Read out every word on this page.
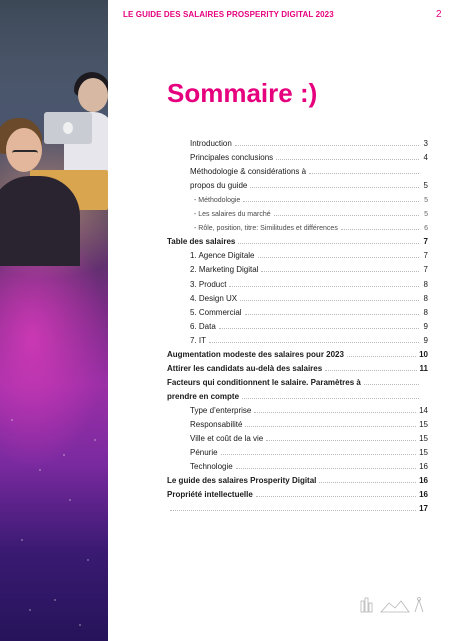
LE GUIDE DES SALAIRES PROSPERITY DIGITAL 2023	2
Sommaire :)
Introduction	3
Principales conclusions	4
Méthodologie & considérations à
propos du guide	5
- Méthodologie	5
- Les salaires du marché	5
- Rôle, position, titre: Similitudes et différences	6
Table des salaires	7
1. Agence Digitale	7
2. Marketing Digital	7
3. Product	8
4. Design UX	8
5. Commercial	8
6. Data	9
7. IT	9
Augmentation modeste des salaires pour 2023	10
Attirer les candidats au-delà des salaires	11
Facteurs qui conditionnent le salaire. Paramètres à
prendre en compte
Type d’enterprise	14
Responsabilité	15
Ville et coût de la vie	15
Pénurie	15
Technologie	16
Le guide des salaires Prosperity Digital	16
Propriété intellectuelle	16
17
